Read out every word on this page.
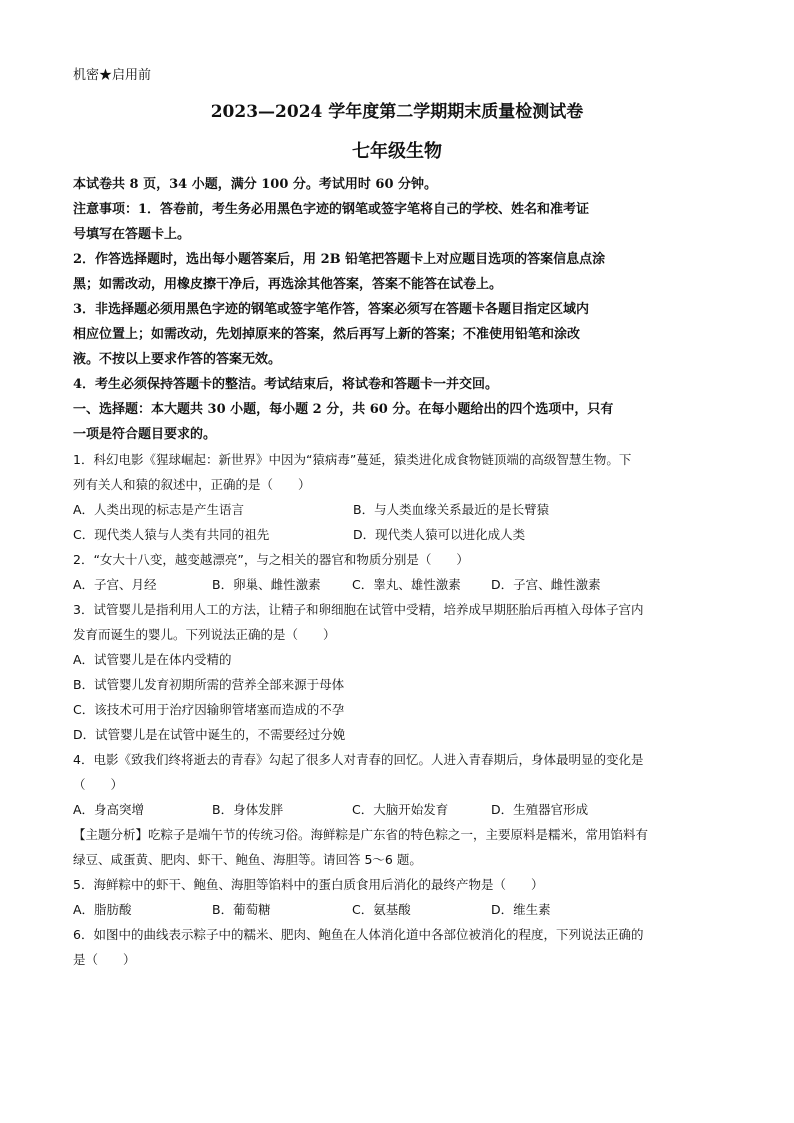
机密★启用前
2023—2024 学年度第二学期期末质量检测试卷
七年级生物
本试卷共 8 页，34 小题，满分 100 分。考试用时 60 分钟。
注意事项：1．答卷前，考生务必用黑色字迹的钢笔或签字笔将自己的学校、姓名和准考证
号填写在答题卡上。
2．作答选择题时，选出每小题答案后，用 2B 铅笔把答题卡上对应题目选项的答案信息点涂
黑；如需改动，用橡皮擦干净后，再选涂其他答案，答案不能答在试卷上。
3．非选择题必须用黑色字迹的钢笔或签字笔作答，答案必须写在答题卡各题目指定区域内
相应位置上；如需改动，先划掉原来的答案，然后再写上新的答案；不准使用铅笔和涂改
液。不按以上要求作答的答案无效。
4．考生必须保持答题卡的整洁。考试结束后，将试卷和答题卡一并交回。
一、选择题：本大题共 30 小题，每小题 2 分，共 60 分。在每小题给出的四个选项中，只有
一项是符合题目要求的。
1．科幻电影《猩球崛起：新世界》中因为“猿病毒”蔓延，猿类进化成食物链顶端的高级智慧生物。下
列有关人和猿的叙述中，正确的是（　　）
A．人类出现的标志是产生语言	B．与人类血缘关系最近的是长臂猿
C．现代类人猿与人类有共同的祖先	D．现代类人猿可以进化成人类
2．“女大十八变，越变越漂亮”，与之相关的器官和物质分别是（　　）
A．子宫、月经	B．卵巢、雌性激素	C．睾丸、雄性激素	D．子宫、雌性激素
3．试管婴儿是指利用人工的方法，让精子和卵细胞在试管中受精，培养成早期胚胎后再植入母体子宫内
发育而诞生的婴儿。下列说法正确的是（　　）
A．试管婴儿是在体内受精的
B．试管婴儿发育初期所需的营养全部来源于母体
C．该技术可用于治疗因输卵管堵塞而造成的不孕
D．试管婴儿是在试管中诞生的，不需要经过分娩
4．电影《致我们终将逝去的青春》勾起了很多人对青春的回忆。人进入青春期后，身体最明显的变化是
（　　）
A．身高突增	B．身体发胖	C．大脑开始发育	D．生殖器官形成
【主题分析】吃粽子是端午节的传统习俗。海鲜粽是广东省的特色粽之一，主要原料是糯米，常用馅料有
绿豆、咸蛋黄、肥肉、虾干、鲍鱼、海胆等。请回答 5～6 题。
5．海鲜粽中的虾干、鲍鱼、海胆等馅料中的蛋白质食用后消化的最终产物是（　　）
A．脂肪酸	B．葡萄糖	C．氨基酸	D．维生素
6．如图中的曲线表示粽子中的糯米、肥肉、鲍鱼在人体消化道中各部位被消化的程度，下列说法正确的
是（　　）
